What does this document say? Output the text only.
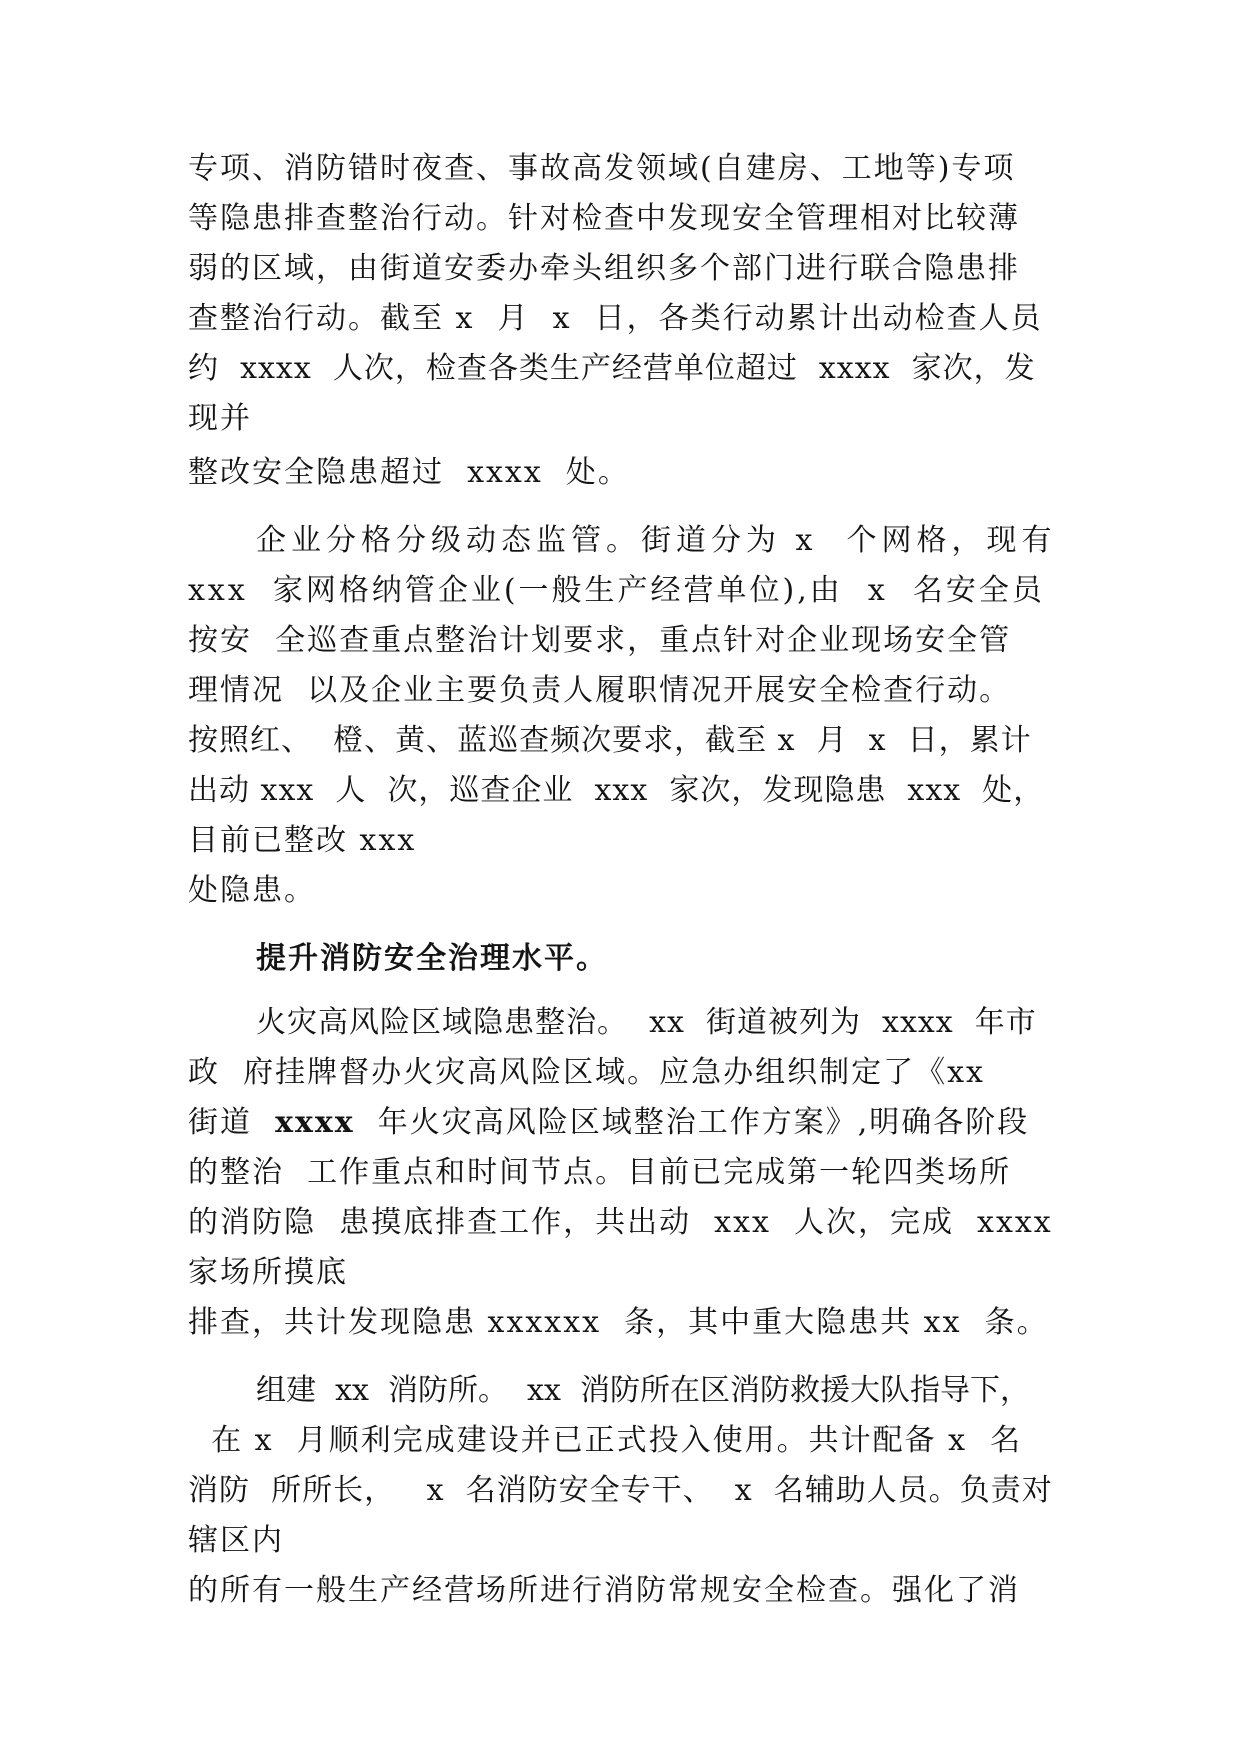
专项、消防错时夜查、事故高发领域(自建房、工地等)专项

等隐患排查整治行动。针对检查中发现安全管理相对比较薄

弱的区域，由街道安委办牵头组织多个部门进行联合隐患排

查整治行动。截至 x  月  x  日，各类行动累计出动检查人员

约  xxxx  人次，检查各类生产经营单位超过  xxxx  家次，发

现并

整改安全隐患超过  xxxx  处。

企业分格分级动态监管。街道分为 x  个网格，现有

xxx  家网格纳管企业(一般生产经营单位),由  x  名安全员

按安  全巡查重点整治计划要求，重点针对企业现场安全管

理情况  以及企业主要负责人履职情况开展安全检查行动。

按照红、  橙、黄、蓝巡查频次要求，截至 x  月  x  日，累计

出动 xxx  人  次，巡查企业  xxx  家次，发现隐患  xxx  处，

目前已整改 xxx

处隐患。

提升消防安全治理水平。

火灾高风险区域隐患整治。  xx  街道被列为  xxxx  年市

政  府挂牌督办火灾高风险区域。应急办组织制定了《xx

街道  xxxx  年火灾高风险区域整治工作方案》,明确各阶段

的整治  工作重点和时间节点。目前已完成第一轮四类场所

的消防隐  患摸底排查工作，共出动  xxx  人次，完成  xxxx

家场所摸底

排查，共计发现隐患 xxxxxx  条，其中重大隐患共 xx  条。

组建  xx  消防所。  xx  消防所在区消防救援大队指导下，

在 x  月顺利完成建设并已正式投入使用。共计配备 x  名

消防  所所长，   x  名消防安全专干、  x  名辅助人员。负责对

辖区内

的所有一般生产经营场所进行消防常规安全检查。强化了消
